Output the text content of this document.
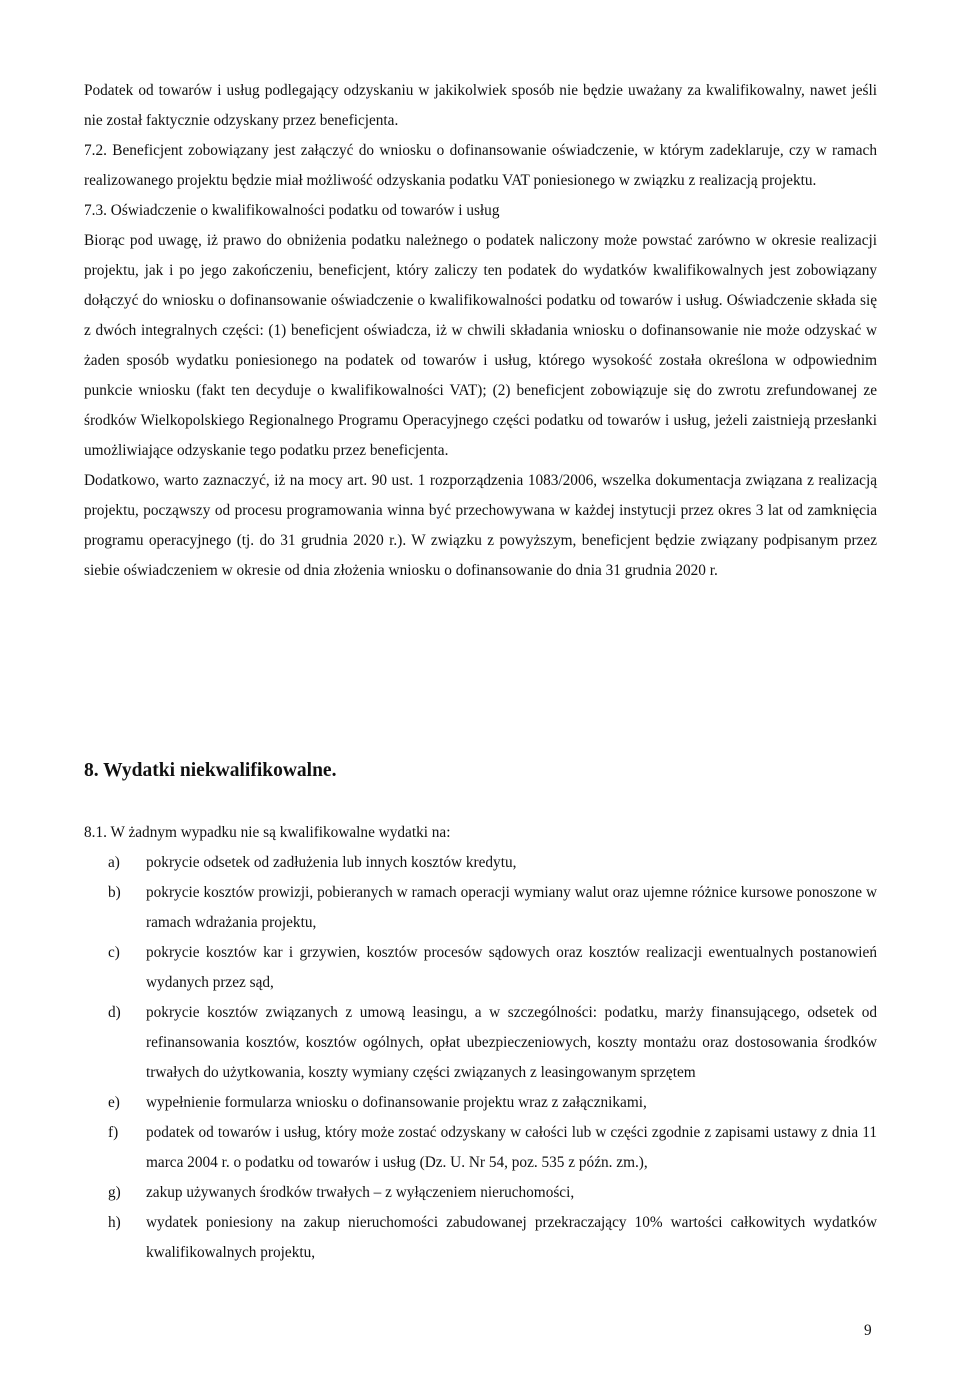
Podatek od towarów i usług podlegający odzyskaniu w jakikolwiek sposób nie będzie uważany za kwalifikowalny, nawet jeśli nie został faktycznie odzyskany przez beneficjenta.

7.2. Beneficjent zobowiązany jest załączyć do wniosku o dofinansowanie oświadczenie, w którym zadeklaruje, czy w ramach realizowanego projektu będzie miał możliwość odzyskania podatku VAT poniesionego w związku z realizacją projektu.

7.3. Oświadczenie o kwalifikowalności podatku od towarów i usług

Biorąc pod uwagę, iż prawo do obniżenia podatku należnego o podatek naliczony może powstać zarówno w okresie realizacji projektu, jak i po jego zakończeniu, beneficjent, który zaliczy ten podatek do wydatków kwalifikowalnych jest zobowiązany dołączyć do wniosku o dofinansowanie oświadczenie o kwalifikowalności podatku od towarów i usług. Oświadczenie składa się z dwóch integralnych części: (1) beneficjent oświadcza, iż w chwili składania wniosku o dofinansowanie nie może odzyskać w żaden sposób wydatku poniesionego na podatek od towarów i usług, którego wysokość została określona w odpowiednim punkcie wniosku (fakt ten decyduje o kwalifikowalności VAT); (2) beneficjent zobowiązuje się do zwrotu zrefundowanej ze środków Wielkopolskiego Regionalnego Programu Operacyjnego części podatku od towarów i usług, jeżeli zaistnieją przesłanki umożliwiające odzyskanie tego podatku przez beneficjenta.

Dodatkowo, warto zaznaczyć, iż na mocy art. 90 ust. 1 rozporządzenia 1083/2006, wszelka dokumentacja związana z realizacją projektu, począwszy od procesu programowania winna być przechowywana w każdej instytucji przez okres 3 lat od zamknięcia programu operacyjnego (tj. do 31 grudnia 2020 r.). W związku z powyższym, beneficjent będzie związany podpisanym przez siebie oświadczeniem w okresie od dnia złożenia wniosku o dofinansowanie do dnia 31 grudnia 2020 r.

8. Wydatki niekwalifikowalne.

8.1. W żadnym wypadku nie są kwalifikowalne wydatki na:

a)	pokrycie odsetek od zadłużenia lub innych kosztów kredytu,
b)	pokrycie kosztów prowizji, pobieranych w ramach operacji wymiany walut oraz ujemne różnice kursowe ponoszone w ramach wdrażania projektu,
c)	pokrycie kosztów kar i grzywien, kosztów procesów sądowych oraz kosztów realizacji ewentualnych postanowień wydanych przez sąd,
d)	pokrycie kosztów związanych z umową leasingu, a w szczególności: podatku, marży finansującego, odsetek od refinansowania kosztów, kosztów ogólnych, opłat ubezpieczeniowych, koszty montażu oraz dostosowania środków trwałych do użytkowania, koszty wymiany części związanych z leasingowanym sprzętem
e)	wypełnienie formularza wniosku o dofinansowanie projektu wraz z załącznikami,
f)	podatek od towarów i usług, który może zostać odzyskany w całości lub w części zgodnie z zapisami ustawy z dnia 11 marca 2004 r. o podatku od towarów i usług (Dz. U. Nr 54, poz. 535 z późn. zm.),
g)	zakup używanych środków trwałych – z wyłączeniem nieruchomości,
h)	wydatek poniesiony na zakup nieruchomości zabudowanej przekraczający 10% wartości całkowitych wydatków kwalifikowalnych projektu,
9
